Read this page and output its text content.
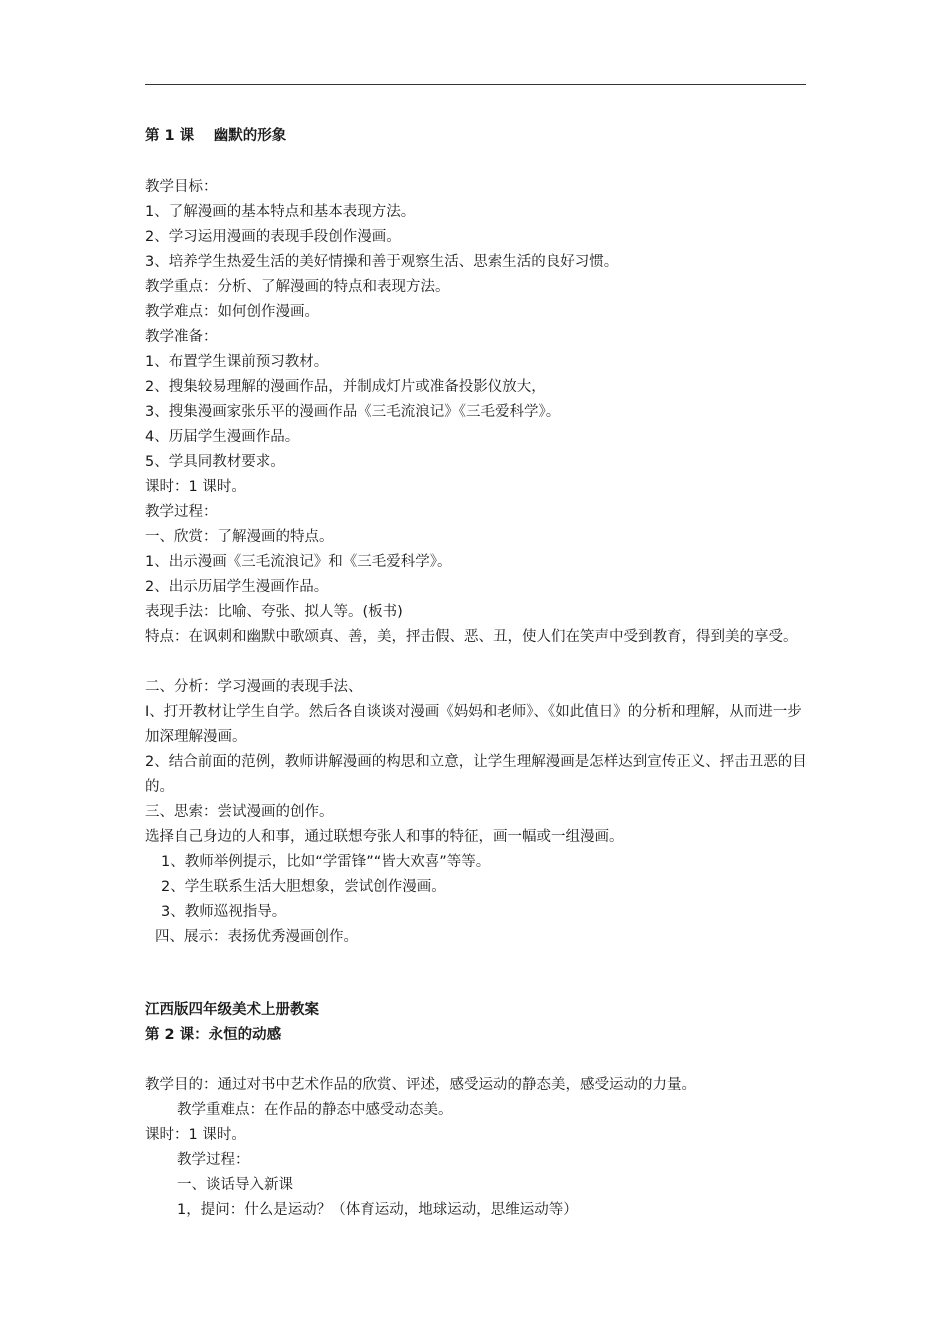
第 1 课　 幽默的形象

教学目标：

1、了解漫画的基本特点和基本表现方法。

2、学习运用漫画的表现手段创作漫画。

3、培养学生热爱生活的美好情操和善于观察生活、思索生活的良好习惯。

教学重点：分析、了解漫画的特点和表现方法。

教学难点：如何创作漫画。

教学准备：

1、布置学生课前预习教材。

2、搜集较易理解的漫画作品，并制成灯片或准备投影仪放大，

3、搜集漫画家张乐平的漫画作品《三毛流浪记》《三毛爱科学》。

4、历届学生漫画作品。

5、学具同教材要求。

课时：1 课时。

教学过程：

一、欣赏：了解漫画的特点。

1、出示漫画《三毛流浪记》和《三毛爱科学》。

2、出示历届学生漫画作品。

表现手法：比喻、夸张、拟人等。(板书)

特点：在讽刺和幽默中歌颂真、善，美，抨击假、恶、丑，使人们在笑声中受到教育，得到美的享受。

二、分析：学习漫画的表现手法、

Ⅰ、打开教材让学生自学。然后各自谈谈对漫画《妈妈和老师》、《如此值日》的分析和理解，从而进一步加深理解漫画。

2、结合前面的范例，教师讲解漫画的构思和立意，让学生理解漫画是怎样达到宣传正义、抨击丑恶的目的。

三、思索：尝试漫画的创作。

选择自己身边的人和事，通过联想夸张人和事的特征，画一幅或一组漫画。

1、教师举例提示，比如“学雷锋”“皆大欢喜”等等。

2、学生联系生活大胆想象，尝试创作漫画。

3、教师巡视指导。

四、展示：表扬优秀漫画创作。

江西版四年级美术上册教案

第 2 课：永恒的动感

教学目的：通过对书中艺术作品的欣赏、评述，感受运动的静态美，感受运动的力量。

教学重难点：在作品的静态中感受动态美。

课时：1 课时。

教学过程：

一、谈话导入新课

1，提问：什么是运动？（体育运动，地球运动，思维运动等）
